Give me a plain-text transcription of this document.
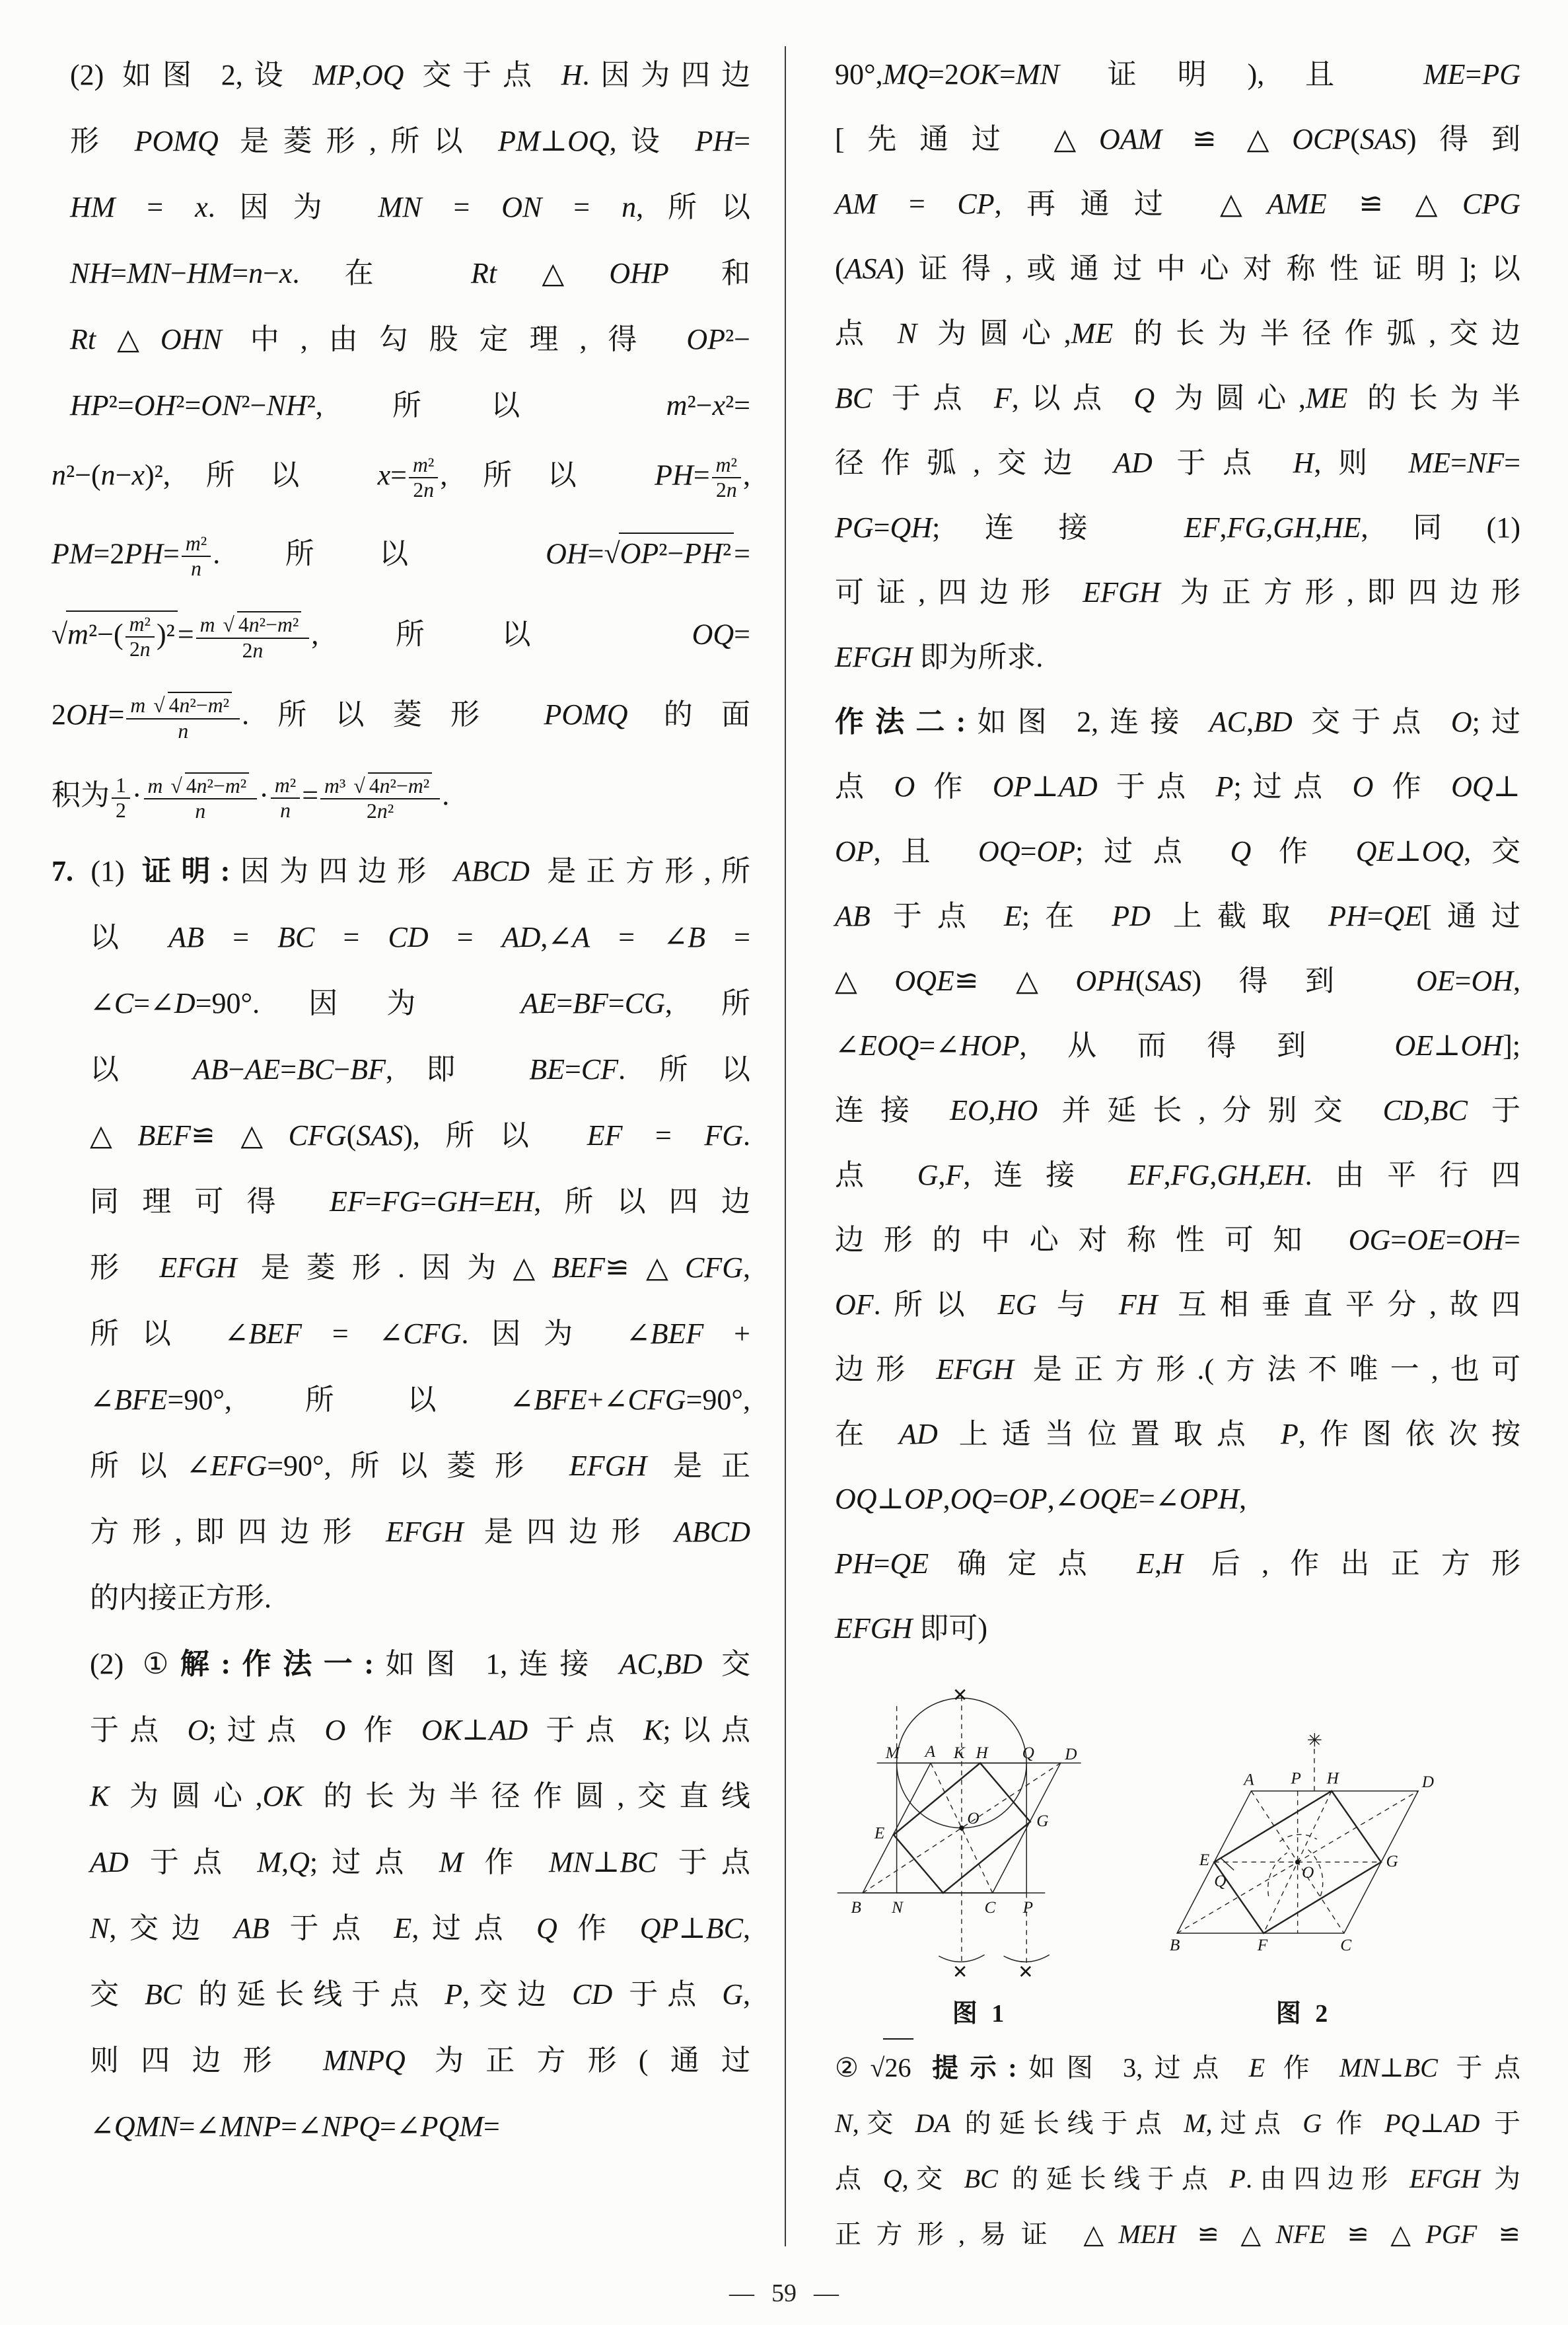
(2) 如图 2,设 MP,OQ 交于点 H.因为四边
形 POMQ 是菱形,所以 PM⊥OQ,设 PH=
HM = x.因为 MN = ON = n,所以
NH=MN−HM=n−x.在 Rt△OHP 和
Rt△OHN 中,由勾股定理,得 OP²−
HP²=OH²=ON²−NH²,所以 m²−x²=
n²−(n−x)²,所以 $x= \frac{\text{m²}}{2n}$ ,所以 $PH= \frac{\text{m²}}{2n}$ ,
$PM=2PH= \frac{\text{m²}}{n}$ .所以 OH=√OP²−PH²=
$√m^2-( \frac{\text{m²}}{2n} )^2= \frac{\text{m √ 4n²−m²}}{2n}$ ,所以 OQ=
$2OH= \frac{\text{m √ 4n²−m²}}{n}$ .所以菱形 POMQ 的面
积为 $\frac{1}{2} \cdot \frac{\text{m √ 4n²−m²}}{n} \cdot \frac{\text{m²}}{n} = \frac{\text{m³ √ 4n²−m²}}{\text{2n²}}$ .
7. (1) 证明:因为四边形 ABCD 是正方形,所
以 AB = BC = CD = AD,∠A = ∠B =
∠C=∠D=90°.因为 AE=BF=CG,所
以 AB−AE=BC−BF,即 BE=CF.所以
△BEF≌△CFG(SAS),所以 EF = FG.
同理可得 EF=FG=GH=EH,所以四边
形 EFGH 是菱形.因为△BEF≌△CFG,
所以 ∠BEF = ∠CFG.因为 ∠BEF +
∠BFE=90°,所以∠BFE+∠CFG=90°,
所以∠EFG=90°,所以菱形 EFGH 是正
方形,即四边形 EFGH 是四边形 ABCD
的内接正方形.
(2) ①解:作法一:如图 1,连接 AC,BD 交
于点 O;过点 O 作 OK⊥AD 于点 K;以点
K 为圆心,OK 的长为半径作圆,交直线
AD 于点 M,Q;过点 M 作 MN⊥BC 于点
N,交边 AB 于点 E,过点 Q 作 QP⊥BC,
交 BC 的延长线于点 P,交边 CD 于点 G,
则四边形 MNPQ 为正方形(通过
∠QMN=∠MNP=∠NPQ=∠PQM=
90°,MQ=2OK=MN 证明),且 ME=PG
[先通过 △OAM ≌ △OCP(SAS)得到
AM = CP,再通过 △AME ≌ △CPG
(ASA)证得,或通过中心对称性证明];以
点 N 为圆心,ME 的长为半径作弧,交边
BC 于点 F,以点 Q 为圆心,ME 的长为半
径作弧,交边 AD 于点 H,则 ME=NF=
PG=QH;连接 EF,FG,GH,HE,同(1)
可证,四边形 EFGH 为正方形,即四边形
EFGH 即为所求.
作法二:如图 2,连接 AC,BD 交于点 O;过
点 O 作 OP⊥AD 于点 P;过点 O 作 OQ⊥
OP,且 OQ=OP;过点 Q 作 QE⊥OQ,交
AB 于点 E;在 PD 上截取 PH=QE[通过
△OQE≌△OPH(SAS)得到 OE=OH,
∠EOQ=∠HOP,从而得到 OE⊥OH];
连接 EO,HO 并延长,分别交 CD,BC 于
点 G,F,连接 EF,FG,GH,EH.由平行四
边形的中心对称性可知 OG=OE=OH=
OF.所以 EG 与 FH 互相垂直平分,故四
边形 EFGH 是正方形.(方法不唯一,也可
在 AD 上适当位置取点 P,作图依次按
OQ⊥OP,OQ=OP,∠OQE=∠OPH,
PH=QE 确定点 E,H 后,作出正方形
EFGH 即可)
M A K H Q D
E
O	G
B N	C P
✕
✕	✕
图 1
A P H	D
✳
E
Q	O
G
B	F	C
图 2
②√26 提示:如图 3,过点 E 作 MN⊥BC 于点
N,交 DA 的延长线于点 M,过点 G 作 PQ⊥AD 于
点 Q,交 BC 的延长线于点 P.由四边形 EFGH 为
正方形,易证 △MEH ≌ △NFE ≌ △PGF ≌
— 59 —
